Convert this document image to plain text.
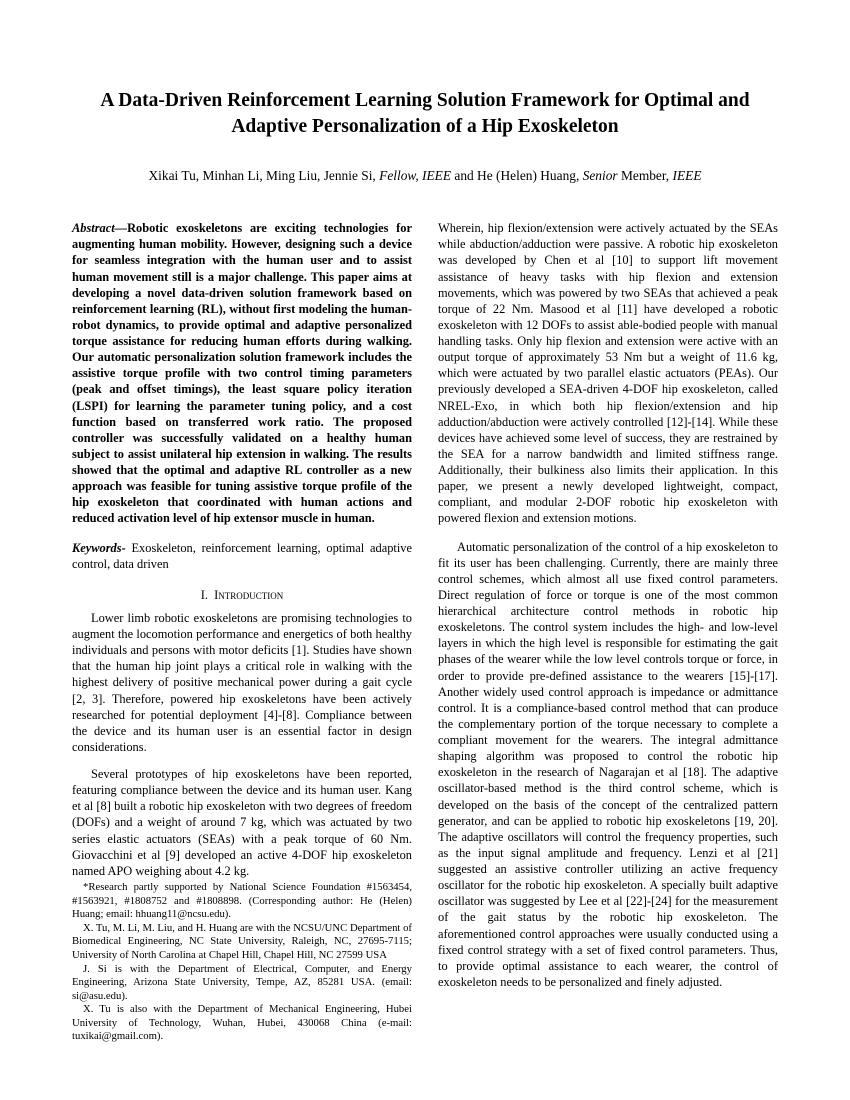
A Data-Driven Reinforcement Learning Solution Framework for Optimal and Adaptive Personalization of a Hip Exoskeleton
Xikai Tu, Minhan Li, Ming Liu, Jennie Si, Fellow, IEEE and He (Helen) Huang, Senior Member, IEEE

Abstract—Robotic exoskeletons are exciting technologies for augmenting human mobility. However, designing such a device for seamless integration with the human user and to assist human movement still is a major challenge. This paper aims at developing a novel data-driven solution framework based on reinforcement learning (RL), without first modeling the human-robot dynamics, to provide optimal and adaptive personalized torque assistance for reducing human efforts during walking. Our automatic personalization solution framework includes the assistive torque profile with two control timing parameters (peak and offset timings), the least square policy iteration (LSPI) for learning the parameter tuning policy, and a cost function based on transferred work ratio. The proposed controller was successfully validated on a healthy human subject to assist unilateral hip extension in walking. The results showed that the optimal and adaptive RL controller as a new approach was feasible for tuning assistive torque profile of the hip exoskeleton that coordinated with human actions and reduced activation level of hip extensor muscle in human.

Keywords- Exoskeleton, reinforcement learning, optimal adaptive control, data driven

I. Introduction

Lower limb robotic exoskeletons are promising technologies to augment the locomotion performance and energetics of both healthy individuals and persons with motor deficits [1]. Studies have shown that the human hip joint plays a critical role in walking with the highest delivery of positive mechanical power during a gait cycle [2, 3]. Therefore, powered hip exoskeletons have been actively researched for potential deployment [4]-[8]. Compliance between the device and its human user is an essential factor in design considerations.

Several prototypes of hip exoskeletons have been reported, featuring compliance between the device and its human user. Kang et al [8] built a robotic hip exoskeleton with two degrees of freedom (DOFs) and a weight of around 7 kg, which was actuated by two series elastic actuators (SEAs) with a peak torque of 60 Nm. Giovacchini et al [9] developed an active 4-DOF hip exoskeleton named APO weighing about 4.2 kg.

Wherein, hip flexion/extension were actively actuated by the SEAs while abduction/adduction were passive. A robotic hip exoskeleton was developed by Chen et al [10] to support lift movement assistance of heavy tasks with hip flexion and extension movements, which was powered by two SEAs that achieved a peak torque of 22 Nm. Masood et al [11] have developed a robotic exoskeleton with 12 DOFs to assist able-bodied people with manual handling tasks. Only hip flexion and extension were active with an output torque of approximately 53 Nm but a weight of 11.6 kg, which were actuated by two parallel elastic actuators (PEAs). Our previously developed a SEA-driven 4-DOF hip exoskeleton, called NREL-Exo, in which both hip flexion/extension and hip adduction/abduction were actively controlled [12]-[14]. While these devices have achieved some level of success, they are restrained by the SEA for a narrow bandwidth and limited stiffness range. Additionally, their bulkiness also limits their application. In this paper, we present a newly developed lightweight, compact, compliant, and modular 2-DOF robotic hip exoskeleton with powered flexion and extension motions.

Automatic personalization of the control of a hip exoskeleton to fit its user has been challenging. Currently, there are mainly three control schemes, which almost all use fixed control parameters. Direct regulation of force or torque is one of the most common hierarchical architecture control methods in robotic hip exoskeletons. The control system includes the high- and low-level layers in which the high level is responsible for estimating the gait phases of the wearer while the low level controls torque or force, in order to provide pre-defined assistance to the wearers [15]-[17]. Another widely used control approach is impedance or admittance control. It is a compliance-based control method that can produce the complementary portion of the torque necessary to complete a compliant movement for the wearers. The integral admittance shaping algorithm was proposed to control the robotic hip exoskeleton in the research of Nagarajan et al [18]. The adaptive oscillator-based method is the third control scheme, which is developed on the basis of the concept of the centralized pattern generator, and can be applied to robotic hip exoskeletons [19, 20]. The adaptive oscillators will control the frequency properties, such as the input signal amplitude and frequency. Lenzi et al [21] suggested an assistive controller utilizing an active frequency oscillator for the robotic hip exoskeleton. A specially built adaptive oscillator was suggested by Lee et al [22]-[24] for the measurement of the gait status by the robotic hip exoskeleton. The aforementioned control approaches were usually conducted using a fixed control strategy with a set of fixed control parameters. Thus, to provide optimal assistance to each wearer, the control of exoskeleton needs to be personalized and finely adjusted.

*Research partly supported by National Science Foundation #1563454, #1563921, #1808752 and #1808898. (Corresponding author: He (Helen) Huang; email: hhuang11@ncsu.edu).

X. Tu, M. Li, M. Liu, and H. Huang are with the NCSU/UNC Department of Biomedical Engineering, NC State University, Raleigh, NC, 27695-7115; University of North Carolina at Chapel Hill, Chapel Hill, NC 27599 USA

J. Si is with the Department of Electrical, Computer, and Energy Engineering, Arizona State University, Tempe, AZ, 85281 USA. (email: si@asu.edu).

X. Tu is also with the Department of Mechanical Engineering, Hubei University of Technology, Wuhan, Hubei, 430068 China (e-mail: tuxikai@gmail.com).
